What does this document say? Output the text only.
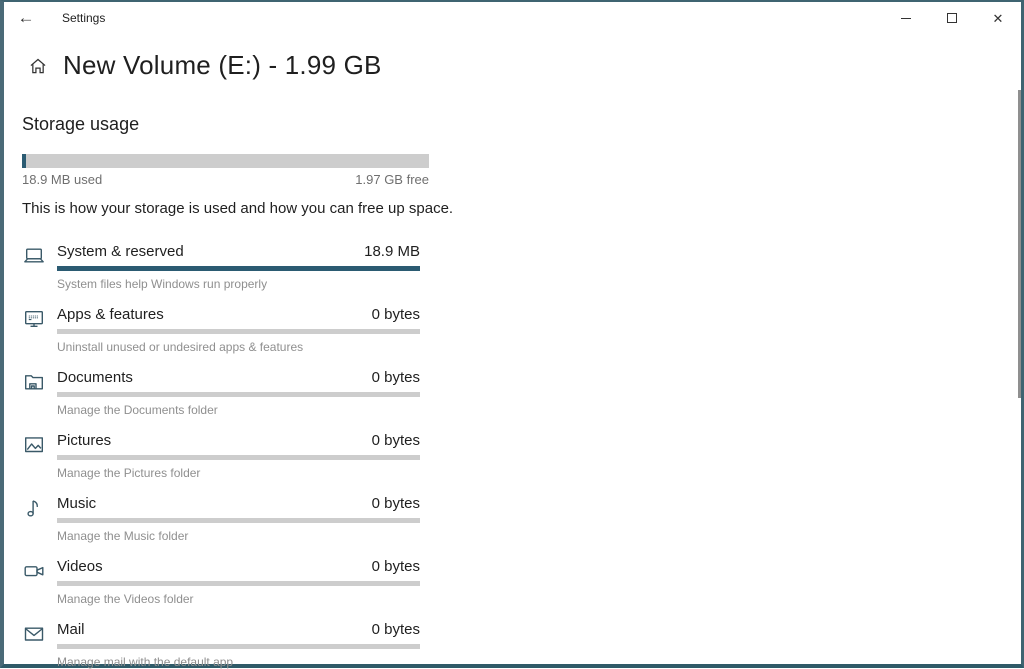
← Settings	✕
New Volume (E:) - 1.99 GB
Storage usage
18.9 MB used	1.97 GB free

This is how your storage is used and how you can free up space.

System & reserved	18.9 MB
System files help Windows run properly
Apps & features	0 bytes
Uninstall unused or undesired apps & features
Documents	0 bytes
Manage the Documents folder
Pictures	0 bytes
Manage the Pictures folder
Music	0 bytes
Manage the Music folder
Videos	0 bytes
Manage the Videos folder
Mail	0 bytes
Manage mail with the default app
